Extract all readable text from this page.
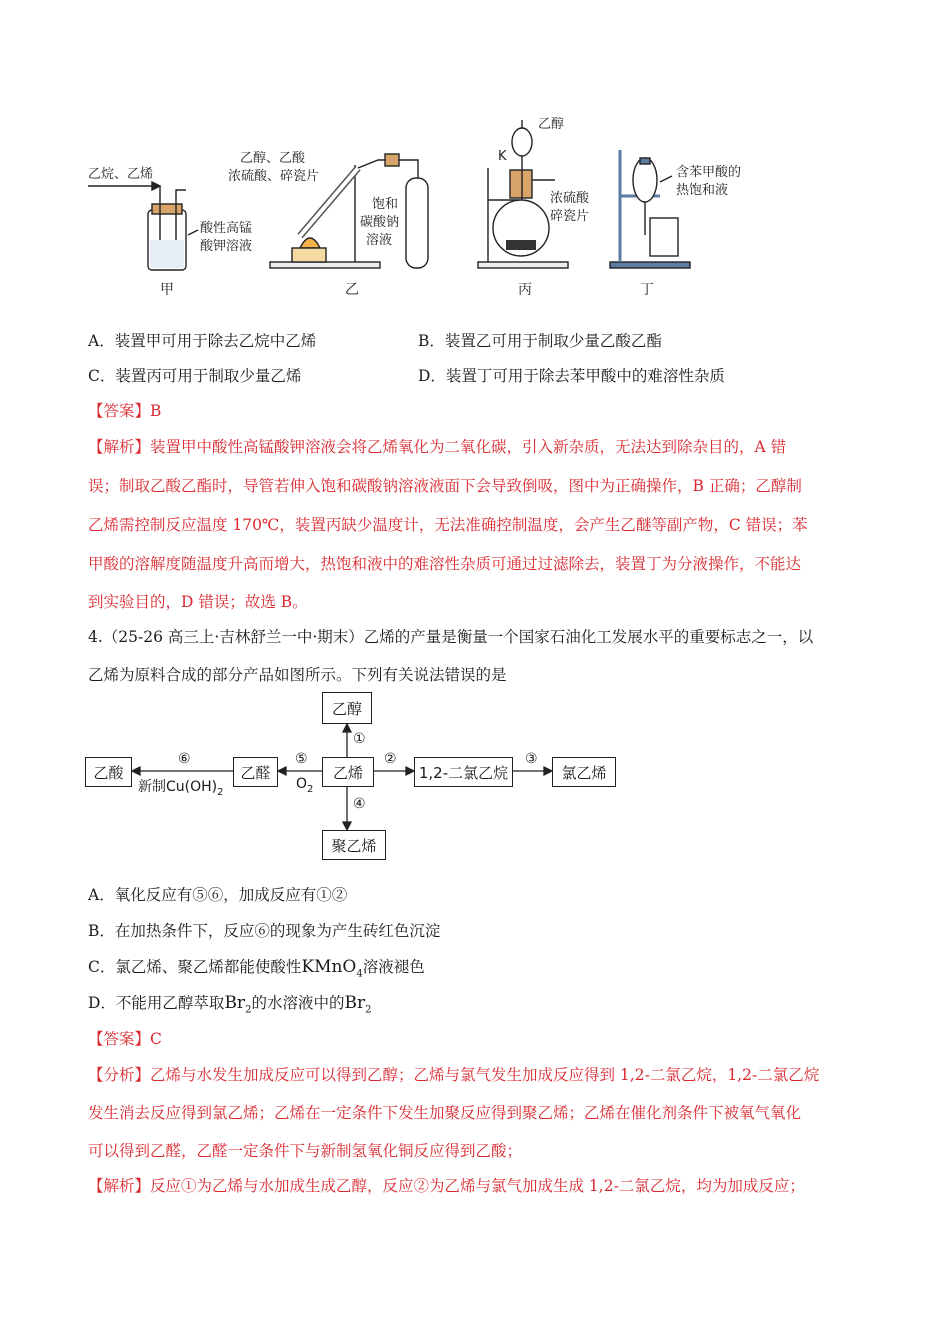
乙烷、乙烯
酸性高锰
酸钾溶液
乙醇、乙酸
浓硫酸、碎瓷片
饱和
碳酸钠
溶液
乙醇
K
浓硫酸
碎瓷片
含苯甲酸的
热饱和液
甲	乙	丙	丁
A．装置甲可用于除去乙烷中乙烯	B．装置乙可用于制取少量乙酸乙酯
C．装置丙可用于制取少量乙烯	D．装置丁可用于除去苯甲酸中的难溶性杂质
【答案】B
【解析】装置甲中酸性高锰酸钾溶液会将乙烯氧化为二氧化碳，引入新杂质，无法达到除杂目的，A 错
误；制取乙酸乙酯时，导管若伸入饱和碳酸钠溶液液面下会导致倒吸，图中为正确操作，B 正确；乙醇制
乙烯需控制反应温度 170℃，装置丙缺少温度计，无法准确控制温度，会产生乙醚等副产物，C 错误；苯
甲酸的溶解度随温度升高而增大，热饱和液中的难溶性杂质可通过过滤除去，装置丁为分液操作，不能达
到实验目的，D 错误；故选 B。
4.（25-26 高三上·吉林舒兰一中·期末）乙烯的产量是衡量一个国家石油化工发展水平的重要标志之一，以
乙烯为原料合成的部分产品如图所示。下列有关说法错误的是
乙醇
乙烯	1,2-二氯乙烷	氯乙烯
乙醛
乙酸
聚乙烯
①
②	③
④
⑤
⑥
$O_2$
新制$Cu(OH)_2$
A．氧化反应有⑤⑥，加成反应有①②
B．在加热条件下，反应⑥的现象为产生砖红色沉淀
C．氯乙烯、聚乙烯都能使酸性KMnO$_4$溶液褪色
D．不能用乙醇萃取$Br_2$的水溶液中的$Br_2$
【答案】C
【分析】乙烯与水发生加成反应可以得到乙醇；乙烯与氯气发生加成反应得到 1,2-二氯乙烷，1,2-二氯乙烷
发生消去反应得到氯乙烯；乙烯在一定条件下发生加聚反应得到聚乙烯；乙烯在催化剂条件下被氧气氧化
可以得到乙醛，乙醛一定条件下与新制氢氧化铜反应得到乙酸；
【解析】反应①为乙烯与水加成生成乙醇，反应②为乙烯与氯气加成生成 1,2-二氯乙烷，均为加成反应；
